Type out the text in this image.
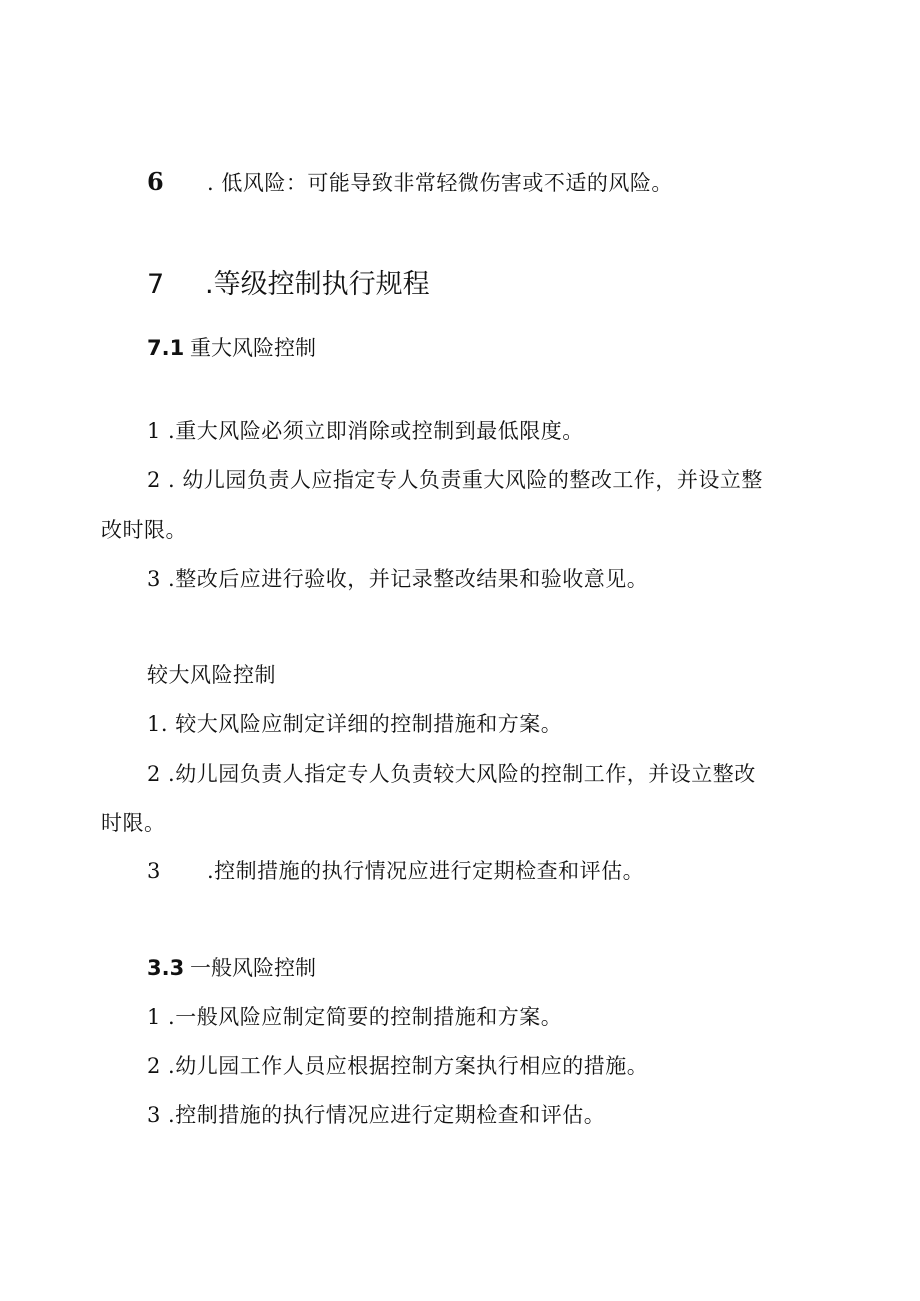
6 . 低风险：可能导致非常轻微伤害或不适的风险。
7 .等级控制执行规程
7.1 重大风险控制
1 .重大风险必须立即消除或控制到最低限度。
2 . 幼儿园负责人应指定专人负责重大风险的整改工作，并设立整
改时限。
3 .整改后应进行验收，并记录整改结果和验收意见。
较大风险控制
1. 较大风险应制定详细的控制措施和方案。
2 .幼儿园负责人指定专人负责较大风险的控制工作，并设立整改
时限。
3 .控制措施的执行情况应进行定期检查和评估。
3.3 一般风险控制
1 .一般风险应制定简要的控制措施和方案。
2 .幼儿园工作人员应根据控制方案执行相应的措施。
3 .控制措施的执行情况应进行定期检查和评估。
